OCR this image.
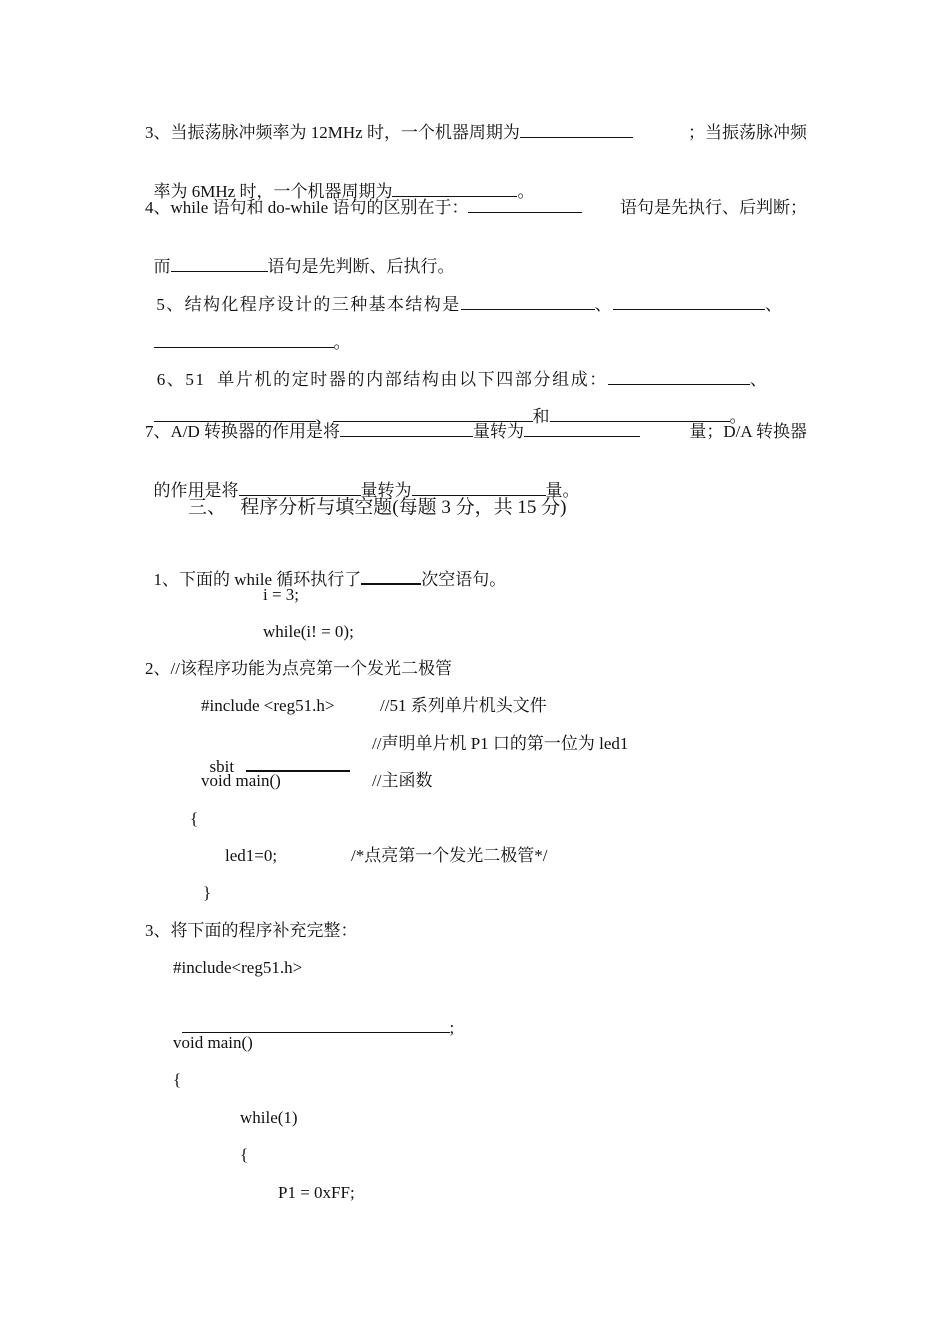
3、当振荡脉冲频率为 12MHz 时，一个机器周期为	；当振荡脉冲频

率为 6MHz 时，一个机器周期为	。

4、while 语句和 do-while 语句的区别在于：	语句是先执行、后判断；

而	语句是先判断、后执行。

5、结构化程序设计的三种基本结构是	、	、

。

6、51  单片机的定时器的内部结构由以下四部分组成：	、

、	和	。

7、A/D 转换器的作用是将	量转为	量；D/A 转换器

的作用是将	量转为	量。

三、   程序分析与填空题(每题 3 分，共 15 分)

1、下面的 while 循环执行了	次空语句。

i = 3;
while(i! = 0);
2、//该程序功能为点亮第一个发光二极管
#include <reg51.h>	//51 系列单片机头文件

sbit

//声明单片机 P1 口的第一位为 led1
void main()	//主函数
{
led1=0;	/*点亮第一个发光二极管*/
}
3、将下面的程序补充完整：
#include<reg51.h>

;

void main()
{
while(1)
{
P1 = 0xFF;
